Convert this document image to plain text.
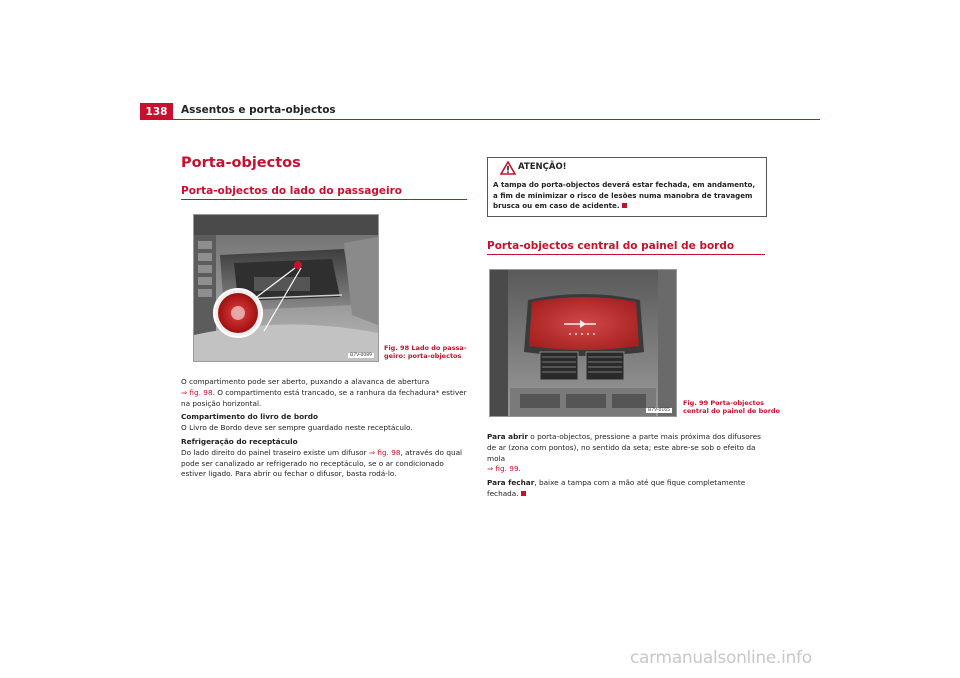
138	Assentos e porta-objectos
Porta-objectos
Porta-objectos do lado do passageiro
B7V-0089
Fig. 98 Lado do passa-
geiro: porta-objectos

O compartimento pode ser aberto, puxando a alavanca de abertura
⇒ fig. 98. O compartimento está trancado, se a ranhura da fechadura* estiver na posição horizontal.

Compartimento do livro de bordo

O Livro de Bordo deve ser sempre guardado neste receptáculo.

Refrigeração do receptáculo

Do lado direito do painel traseiro existe um difusor ⇒ fig. 98, através do qual pode ser canalizado ar refrigerado no receptáculo, se o ar condicionado estiver ligado. Para abrir ou fechar o difusor, basta rodá-lo.

ATENÇÃO!
A tampa do porta-objectos deverá estar fechada, em andamento, a fim de minimizar o risco de lesões numa manobra de travagem brusca ou em caso de acidente.
Porta-objectos central do painel de bordo
B7V-0165
Fig. 99 Porta-objectos
central do painel de bordo

Para abrir o porta-objectos, pressione a parte mais próxima dos difusores de ar (zona com pontos), no sentido da seta; este abre-se sob o efeito da mola
⇒ fig. 99.

Para fechar, baixe a tampa com a mão até que fique completamente fechada.

carmanualsonline.info
